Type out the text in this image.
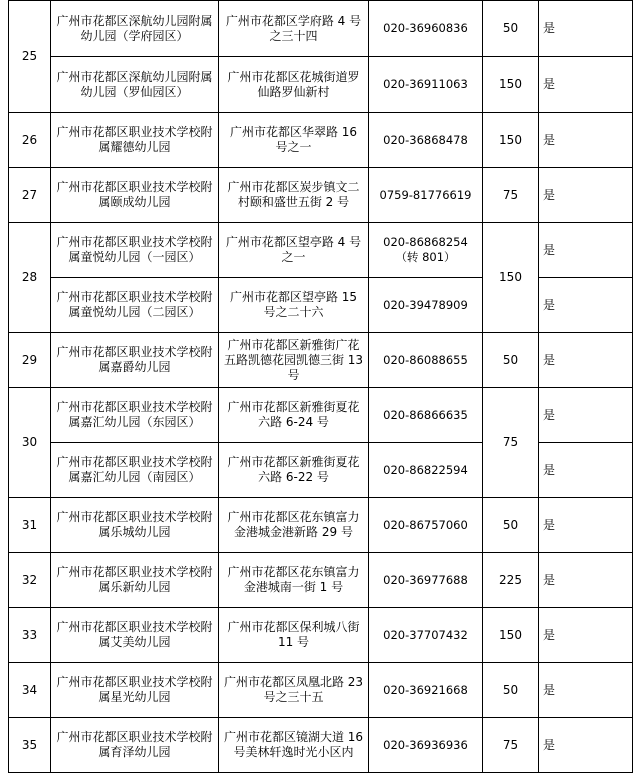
25	广州市花都区深航幼儿园附属幼儿园（学府园区）	广州市花都区学府路 4 号之三十四	020-36960836	50	是
	广州市花都区深航幼儿园附属幼儿园（罗仙园区）	广州市花都区花城街道罗仙路罗仙新村	020-36911063	150	是
26	广州市花都区职业技术学校附属耀德幼儿园	广州市花都区华翠路 16 号之一	020-36868478	150	是
27	广州市花都区职业技术学校附属颐成幼儿园	广州市花都区炭步镇文二村颐和盛世五街 2 号	0759-81776619	75	是
28	广州市花都区职业技术学校附属童悦幼儿园（一园区）	广州市花都区望亭路 4 号之一	020-86868254（转 801）	150	是
	广州市花都区职业技术学校附属童悦幼儿园（二园区）	广州市花都区望亭路 15 号之二十六	020-39478909		是
29	广州市花都区职业技术学校附属嘉爵幼儿园	广州市花都区新雅街广花五路凯德花园凯德三街 13 号	020-86088655	50	是
30	广州市花都区职业技术学校附属嘉汇幼儿园（东园区）	广州市花都区新雅街夏花六路 6-24 号	020-86866635	75	是
	广州市花都区职业技术学校附属嘉汇幼儿园（南园区）	广州市花都区新雅街夏花六路 6-22 号	020-86822594		是
31	广州市花都区职业技术学校附属乐城幼儿园	广州市花都区花东镇富力金港城金港新路 29 号	020-86757060	50	是
32	广州市花都区职业技术学校附属乐新幼儿园	广州市花都区花东镇富力金港城南一街 1 号	020-36977688	225	是
33	广州市花都区职业技术学校附属艾美幼儿园	广州市花都区保利城八街 11 号	020-37707432	150	是
34	广州市花都区职业技术学校附属星光幼儿园	广州市花都区凤凰北路 23 号之三十五	020-36921668	50	是
35	广州市花都区职业技术学校附属育泽幼儿园	广州市花都区镜湖大道 16 号美林轩逸时光小区内	020-36936936	75	是
